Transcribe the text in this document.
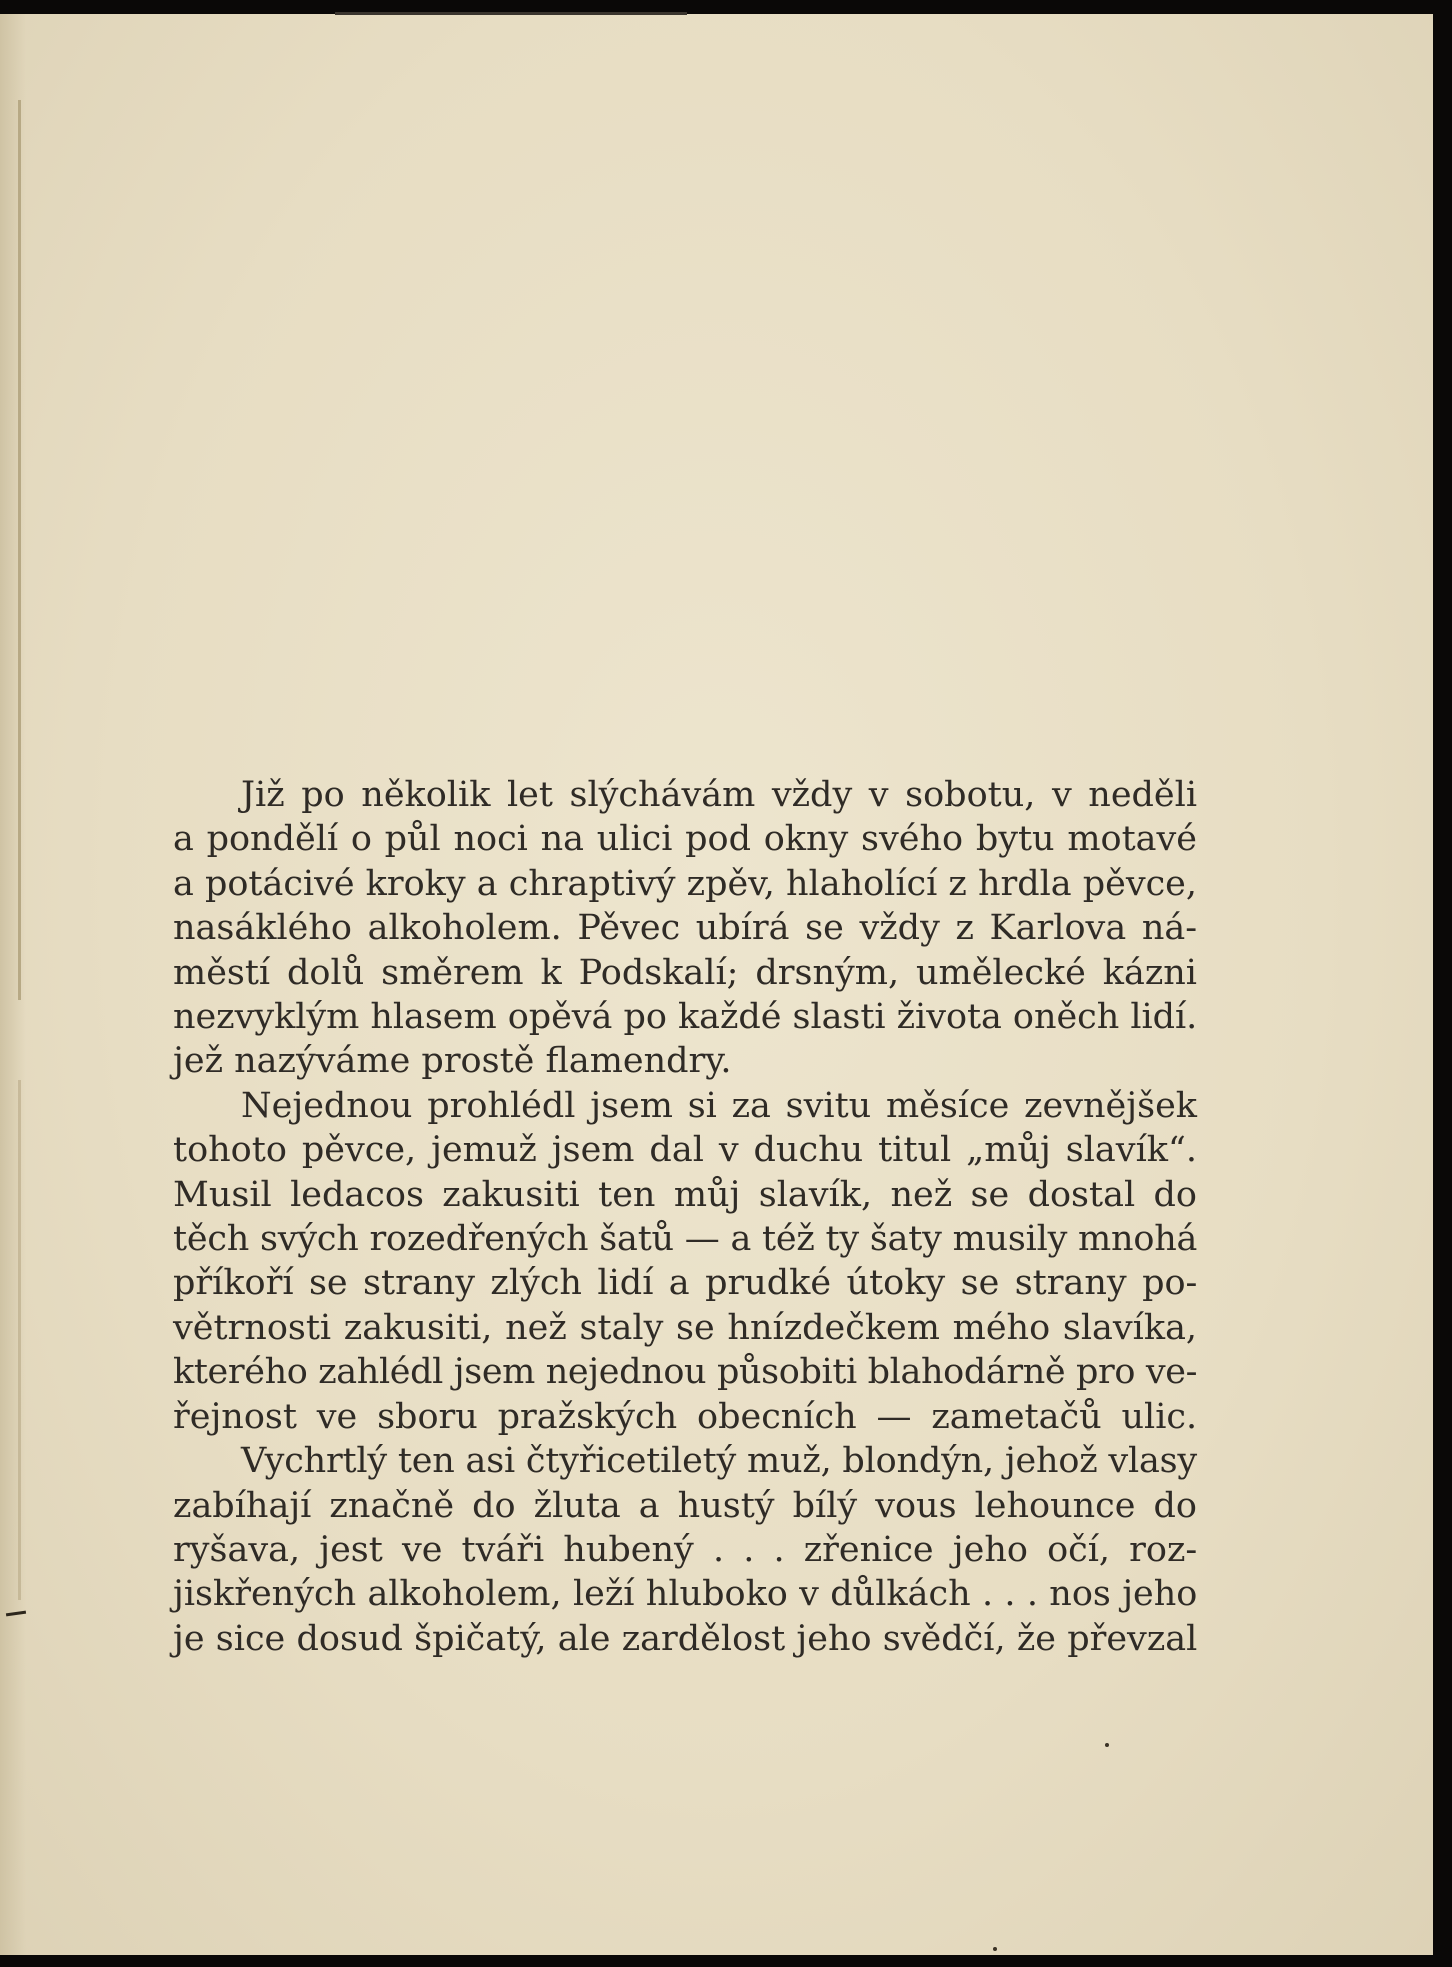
Již po několik let slýchávám vždy v sobotu, v neděli
a pondělí o půl noci na ulici pod okny svého bytu motavé
a potácivé kroky a chraptivý zpěv, hlaholící z hrdla pěvce,
nasáklého alkoholem. Pěvec ubírá se vždy z Karlova ná-
městí dolů směrem k Podskalí; drsným, umělecké kázni
nezvyklým hlasem opěvá po každé slasti života oněch lidí.
jež nazýváme prostě flamendry.
Nejednou prohlédl jsem si za svitu měsíce zevnějšek
tohoto pěvce, jemuž jsem dal v duchu titul „můj slavík“.
Musil ledacos zakusiti ten můj slavík, než se dostal do
těch svých rozedřených šatů — a též ty šaty musily mnohá
příkoří se strany zlých lidí a prudké útoky se strany po-
větrnosti zakusiti, než staly se hnízdečkem mého slavíka,
kterého zahlédl jsem nejednou působiti blahodárně pro ve-
řejnost ve sboru pražských obecních — zametačů ulic.
Vychrtlý ten asi čtyřicetiletý muž, blondýn, jehož vlasy
zabíhají značně do žluta a hustý bílý vous lehounce do
ryšava, jest ve tváři hubený . . . zřenice jeho očí, roz-
jiskřených alkoholem, leží hluboko v důlkách . . . nos jeho
je sice dosud špičatý, ale zardělost jeho svědčí, že převzal
